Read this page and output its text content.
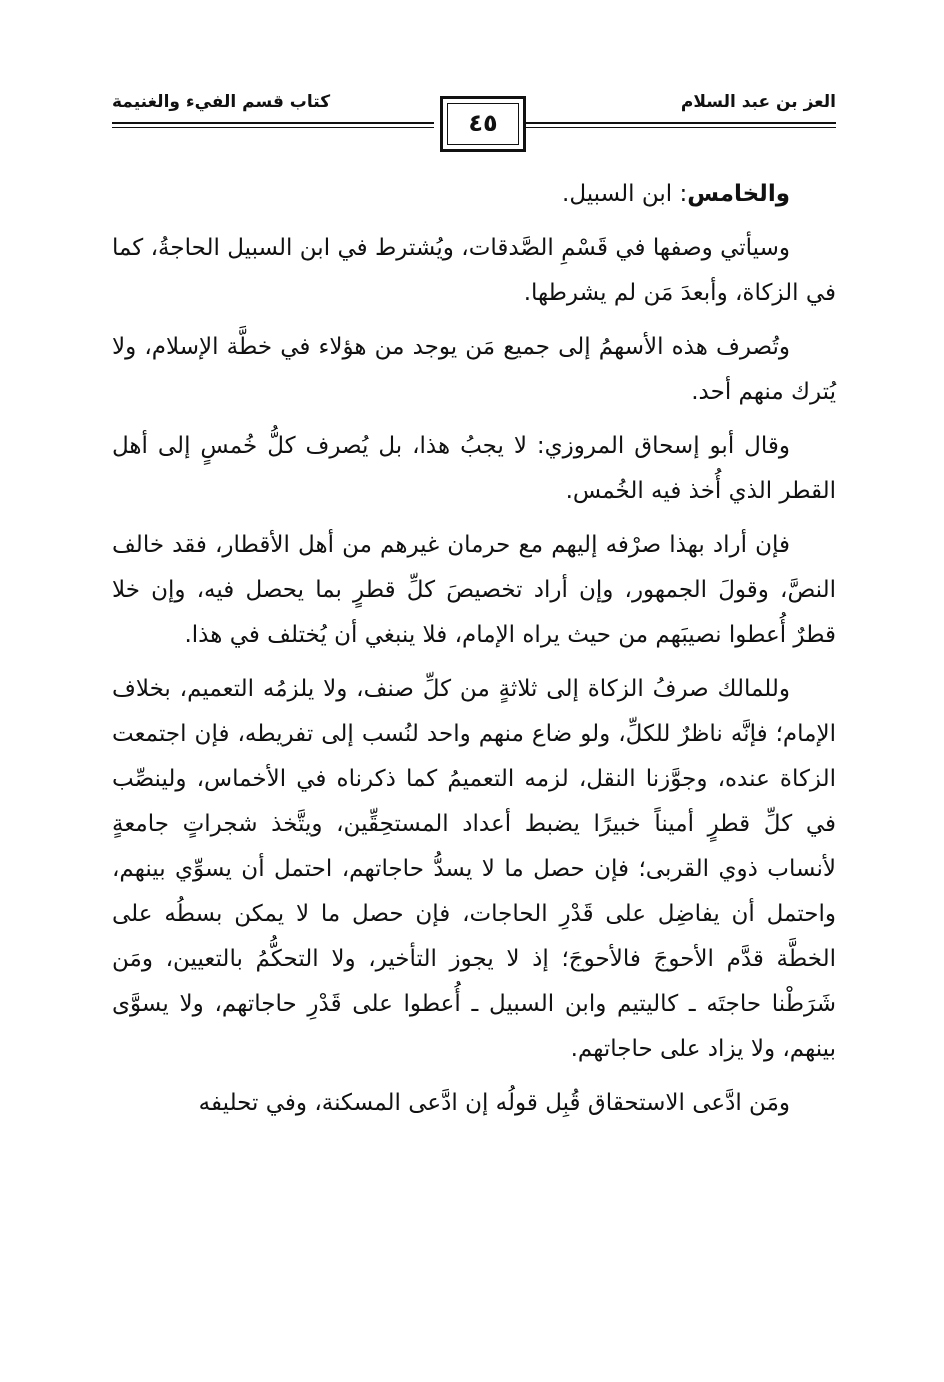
العز بن عبد السلام
٤٥
كتاب قسم الفيء والغنيمة

والخامس: ابن السبيل.

وسيأتي وصفها في قَسْمِ الصَّدقات، ويُشترط في ابن السبيل الحاجةُ، كما في الزكاة، وأبعدَ مَن لم يشرطها.

وتُصرف هذه الأسهمُ إلى جميع مَن يوجد من هؤلاء في خطَّة الإسلام، ولا يُترك منهم أحد.

وقال أبو إسحاق المروزي: لا يجبُ هذا، بل يُصرف كلُّ خُمسٍ إلى أهل القطر الذي أُخذ فيه الخُمس.

فإن أراد بهذا صرْفه إليهم مع حرمان غيرهم من أهل الأقطار، فقد خالف النصَّ، وقولَ الجمهور، وإن أراد تخصيصَ كلِّ قطرٍ بما يحصل فيه، وإن خلا قطرٌ أُعطوا نصيبَهم من حيث يراه الإمام، فلا ينبغي أن يُختلف في هذا.

وللمالك صرفُ الزكاة إلى ثلاثةٍ من كلِّ صنف، ولا يلزمُه التعميم، بخلاف الإمام؛ فإنَّه ناظرٌ للكلِّ، ولو ضاع منهم واحد لنُسب إلى تفريطه، فإن اجتمعت الزكاة عنده، وجوَّزنا النقل، لزمه التعميمُ كما ذكرناه في الأخماس، ولينصِّب في كلِّ قطرٍ أميناً خبيرًا يضبط أعداد المستحِقِّين، ويتَّخذ شجراتٍ جامعةٍ لأنساب ذوي القربى؛ فإن حصل ما لا يسدُّ حاجاتهم، احتمل أن يسوِّي بينهم، واحتمل أن يفاضِل على قَدْرِ الحاجات، فإن حصل ما لا يمكن بسطُه على الخطَّة قدَّم الأحوجَ فالأحوجَ؛ إذ لا يجوز التأخير، ولا التحكُّمُ بالتعيين، ومَن شَرَطْنا حاجتَه ـ كاليتيم وابن السبيل ـ أُعطوا على قَدْرِ حاجاتهم، ولا يسوَّى بينهم، ولا يزاد على حاجاتهم.

ومَن ادَّعى الاستحقاق قُبِل قولُه إن ادَّعى المسكنة، وفي تحليفه
